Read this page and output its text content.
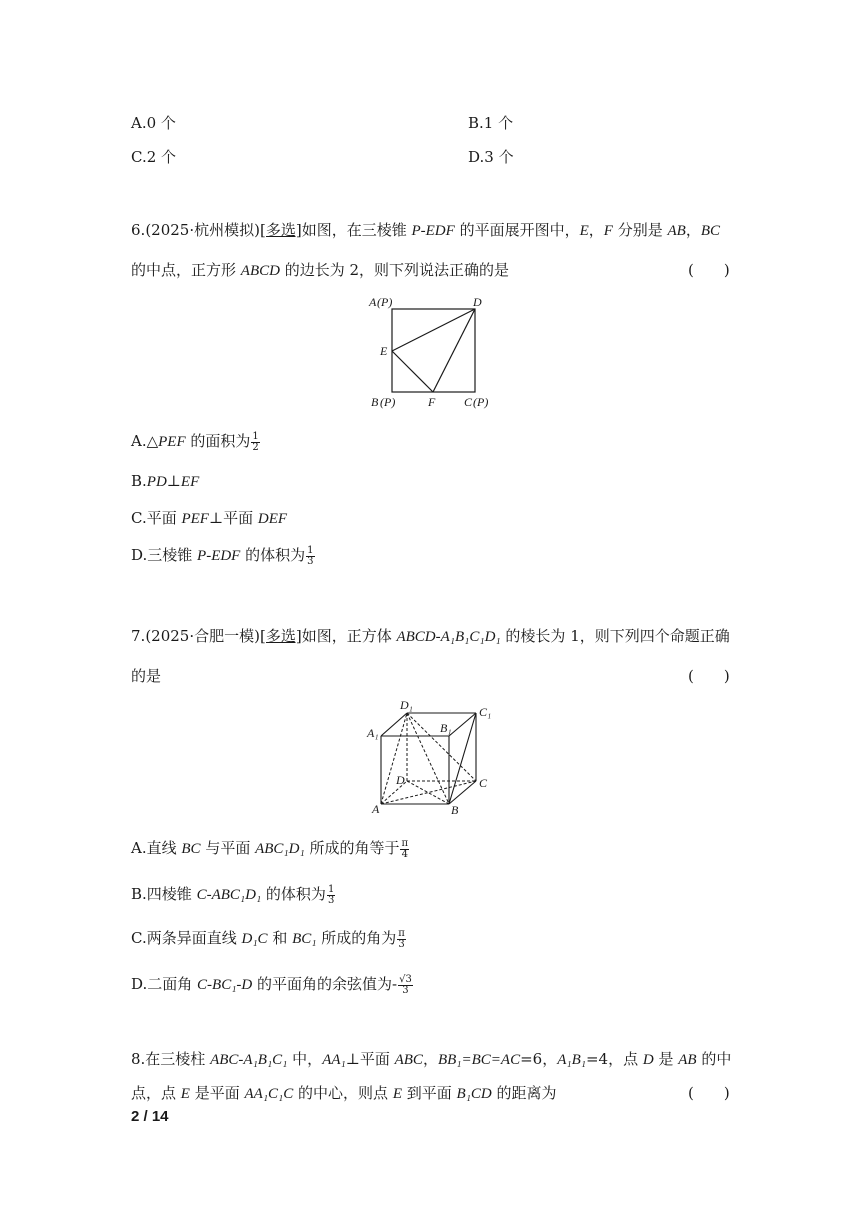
A.0 个	B.1 个
C.2 个	D.3 个
6.(2025·杭州模拟)[多选]如图，在三棱锥 P-EDF 的平面展开图中，E，F 分别是 AB，BC
的中点，正方形 ABCD 的边长为 2，则下列说法正确的是	(　　)
A (P)	D
E
B (P)	F C (P)
A.△PEF 的面积为 $\frac{1}{2}$
B.PD⊥EF
C.平面 PEF⊥平面 DEF
D.三棱锥 P-EDF 的体积为 $\frac{1}{3}$
7.(2025·合肥一模)[多选]如图，正方体 ABCD-A₁B₁C₁D₁ 的棱长为 1，则下列四个命题正确
的是	(　　)
D₁	C₁
A₁	B₁
D	C
A	B
A.直线 BC 与平面 ABC₁D₁ 所成的角等于 $\frac{\pi}{4}$
B.四棱锥 C-ABC₁D₁ 的体积为 $\frac{1}{3}$
C.两条异面直线 D₁C 和 BC₁ 所成的角为 $\frac{\pi}{3}$
D.二面角 C-BC₁-D 的平面角的余弦值为- $\frac{√3}{3}$
8.在三棱柱 ABC-A₁B₁C₁ 中，AA₁⊥平面 ABC，BB₁=BC=AC=6，A₁B₁=4，点 D 是 AB 的中
点，点 E 是平面 AA₁C₁C 的中心，则点 E 到平面 B₁CD 的距离为	(　　)
2 / 14
